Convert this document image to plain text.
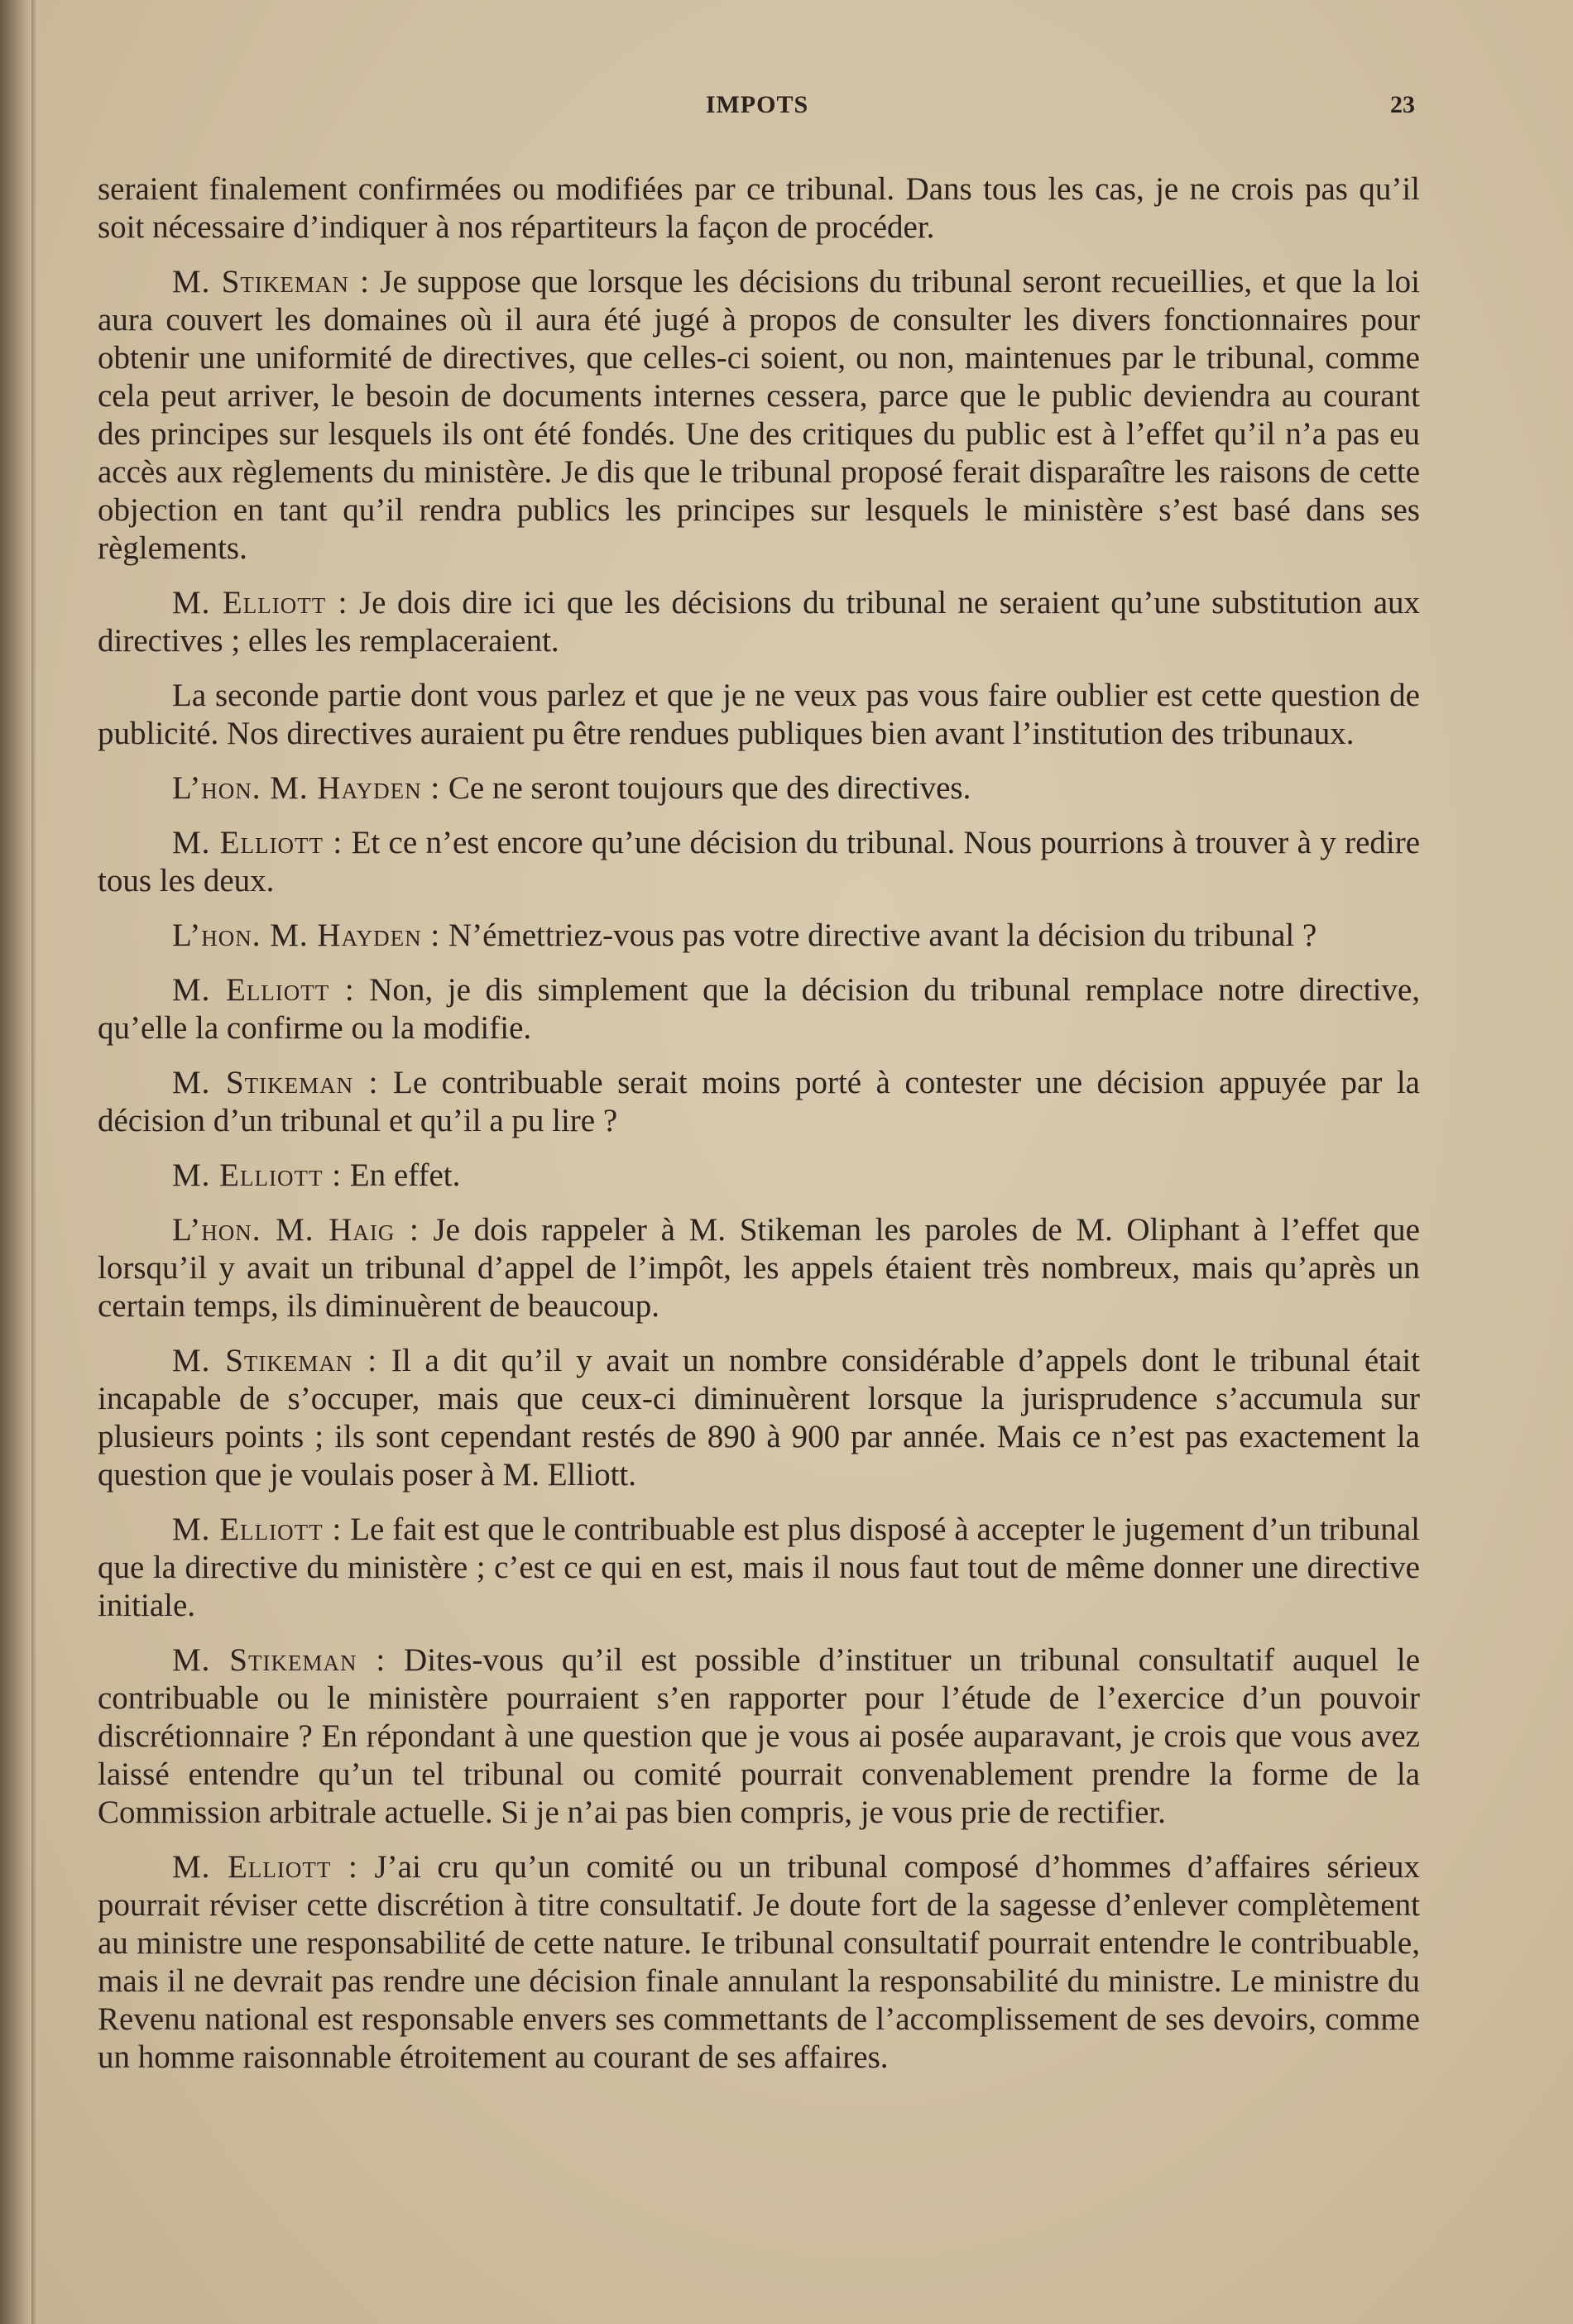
IMPOTS	23

seraient finalement confirmées ou modifiées par ce tribunal. Dans tous les cas, je ne crois pas qu’il soit nécessaire d’indiquer à nos répartiteurs la façon de procéder.

M. Stikeman : Je suppose que lorsque les décisions du tribunal seront recueillies, et que la loi aura couvert les domaines où il aura été jugé à propos de consulter les divers fonctionnaires pour obtenir une uniformité de directives, que celles-ci soient, ou non, maintenues par le tribunal, comme cela peut arriver, le besoin de documents internes cessera, parce que le public deviendra au courant des principes sur lesquels ils ont été fondés. Une des critiques du public est à l’effet qu’il n’a pas eu accès aux règlements du ministère. Je dis que le tribunal proposé ferait disparaître les raisons de cette objection en tant qu’il rendra publics les principes sur lesquels le ministère s’est basé dans ses règlements.

M. Elliott : Je dois dire ici que les décisions du tribunal ne seraient qu’une substitution aux directives ; elles les remplaceraient.

La seconde partie dont vous parlez et que je ne veux pas vous faire oublier est cette question de publicité. Nos directives auraient pu être rendues publiques bien avant l’institution des tribunaux.

L’hon. M. Hayden : Ce ne seront toujours que des directives.

M. Elliott : Et ce n’est encore qu’une décision du tribunal. Nous pourrions à trouver à y redire tous les deux.

L’hon. M. Hayden : N’émettriez-vous pas votre directive avant la décision du tribunal ?

M. Elliott : Non, je dis simplement que la décision du tribunal remplace notre directive, qu’elle la confirme ou la modifie.

M. Stikeman : Le contribuable serait moins porté à contester une décision appuyée par la décision d’un tribunal et qu’il a pu lire ?

M. Elliott : En effet.

L’hon. M. Haig : Je dois rappeler à M. Stikeman les paroles de M. Oliphant à l’effet que lorsqu’il y avait un tribunal d’appel de l’impôt, les appels étaient très nombreux, mais qu’après un certain temps, ils diminuèrent de beaucoup.

M. Stikeman : Il a dit qu’il y avait un nombre considérable d’appels dont le tribunal était incapable de s’occuper, mais que ceux-ci diminuèrent lorsque la jurisprudence s’accumula sur plusieurs points ; ils sont cependant restés de 890 à 900 par année. Mais ce n’est pas exactement la question que je voulais poser à M. Elliott.

M. Elliott : Le fait est que le contribuable est plus disposé à accepter le jugement d’un tribunal que la directive du ministère ; c’est ce qui en est, mais il nous faut tout de même donner une directive initiale.

M. Stikeman : Dites-vous qu’il est possible d’instituer un tribunal consultatif auquel le contribuable ou le ministère pourraient s’en rapporter pour l’étude de l’exercice d’un pouvoir discrétionnaire ? En répondant à une question que je vous ai posée auparavant, je crois que vous avez laissé entendre qu’un tel tribunal ou comité pourrait convenablement prendre la forme de la Commission arbitrale actuelle. Si je n’ai pas bien compris, je vous prie de rectifier.

M. Elliott : J’ai cru qu’un comité ou un tribunal composé d’hommes d’affaires sérieux pourrait réviser cette discrétion à titre consultatif. Je doute fort de la sagesse d’enlever complètement au ministre une responsabilité de cette nature. Ie tribunal consultatif pourrait entendre le contribuable, mais il ne devrait pas rendre une décision finale annulant la responsabilité du ministre. Le ministre du Revenu national est responsable envers ses commettants de l’accomplissement de ses devoirs, comme un homme raisonnable étroitement au courant de ses affaires.
